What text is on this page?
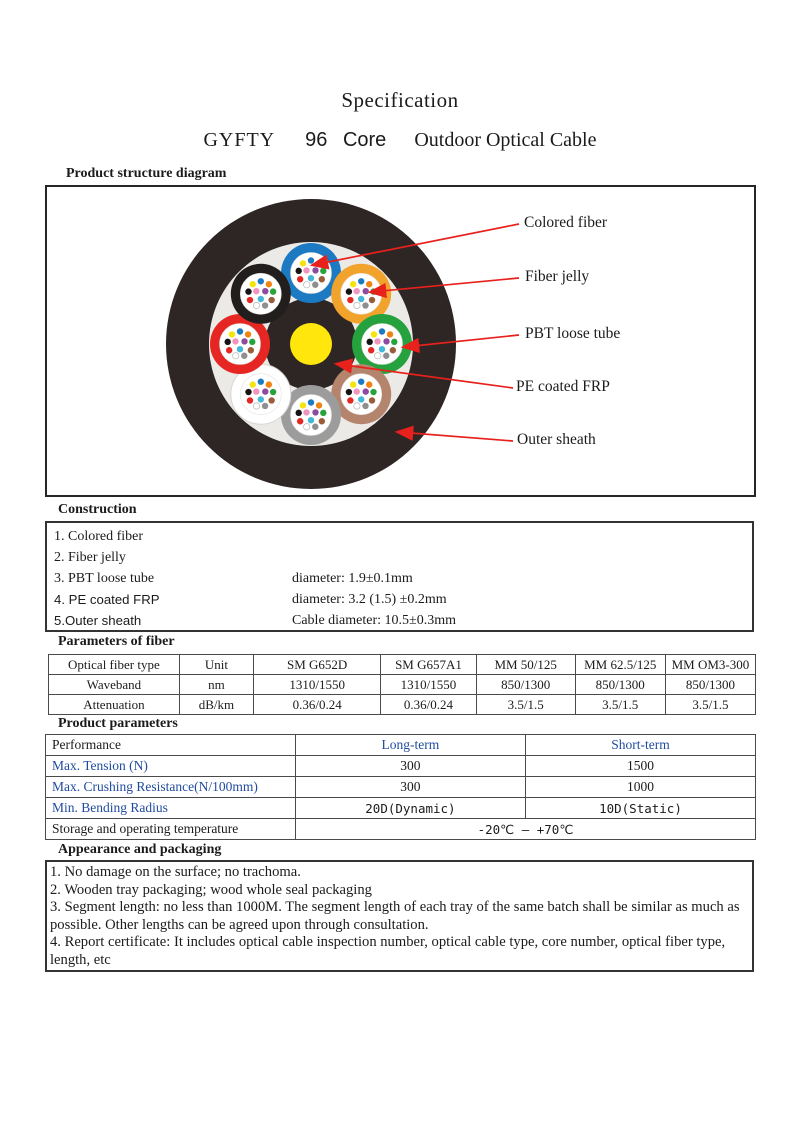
Specification
GYFTY 96 Core Outdoor Optical Cable
Product structure diagram
Colored fiber
Fiber jelly
PBT loose tube
PE coated FRP
Outer sheath
Construction
1. Colored fiber
2. Fiber jelly
3. PBT loose tube	diameter: 1.9±0.1mm
4. PE coated FRP	diameter: 3.2 (1.5) ±0.2mm
5.Outer sheath	Cable diameter: 10.5±0.3mm
Parameters of fiber
Optical fiber type	Unit	SM G652D	SM G657A1	MM 50/125	MM 62.5/125	MM OM3-300
Waveband	nm	1310/1550	1310/1550	850/1300	850/1300	850/1300
Attenuation	dB/km	0.36/0.24	0.36/0.24	3.5/1.5	3.5/1.5	3.5/1.5
Product parameters
Performance	Long-term	Short-term
Max. Tension (N)	300	1500
Max. Crushing Resistance(N/100mm)	300	1000
Min. Bending Radius	20D(Dynamic)	10D(Static)
Storage and operating temperature	-20℃ — +70℃	
Appearance and packaging
1. No damage on the surface; no trachoma.
2. Wooden tray packaging; wood whole seal packaging
3. Segment length: no less than 1000M. The segment length of each tray of the same batch shall be similar as much as possible. Other lengths can be agreed upon through consultation.
4. Report certificate: It includes optical cable inspection number, optical cable type, core number, optical fiber type, length, etc
